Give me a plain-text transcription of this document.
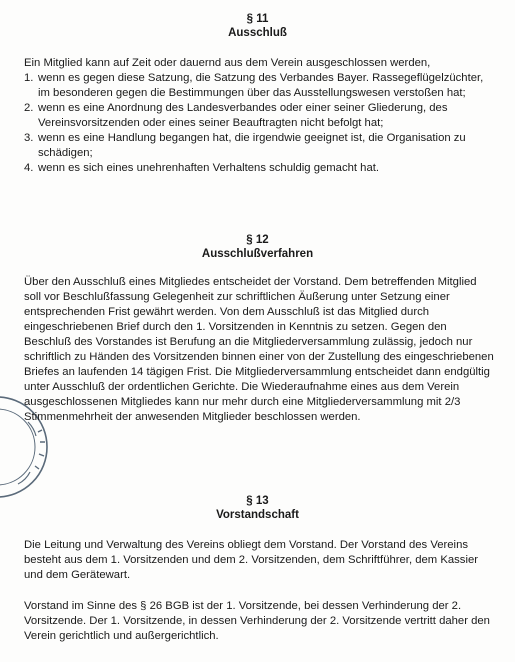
§ 11
Ausschluß

Ein Mitglied kann auf Zeit oder dauernd aus dem Verein ausgeschlossen werden,

1. wenn es gegen diese Satzung, die Satzung des Verbandes Bayer. Rassegeflügelzüchter, im besonderen gegen die Bestimmungen über das Ausstellungswesen verstoßen hat;
2. wenn es eine Anordnung des Landesverbandes oder einer seiner Gliederung, des Vereinsvorsitzenden oder eines seiner Beauftragten nicht befolgt hat;
3. wenn es eine Handlung begangen hat, die irgendwie geeignet ist, die Organisation zu schädigen;
4. wenn es sich eines unehrenhaften Verhaltens schuldig gemacht hat.
§ 12
Ausschlußverfahren

Über den Ausschluß eines Mitgliedes entscheidet der Vorstand. Dem betreffenden Mitglied soll vor Beschlußfassung Gelegenheit zur schriftlichen Äußerung unter Setzung einer entsprechenden Frist gewährt werden. Von dem Ausschluß ist das Mitglied durch eingeschriebenen Brief durch den 1. Vorsitzenden in Kenntnis zu setzen. Gegen den Beschluß des Vorstandes ist Berufung an die Mitgliederversammlung zulässig, jedoch nur schriftlich zu Händen des Vorsitzenden binnen einer von der Zustellung des eingeschriebenen Briefes an laufenden 14 tägigen Frist. Die Mitgliederversammlung entscheidet dann endgültig unter Ausschluß der ordentlichen Gerichte. Die Wiederaufnahme eines aus dem Verein ausgeschlossenen Mitgliedes kann nur mehr durch eine Mitgliederversammlung mit 2/3 Stimmenmehrheit der anwesenden Mitglieder beschlossen werden.

§ 13
Vorstandschaft

Die Leitung und Verwaltung des Vereins obliegt dem Vorstand. Der Vorstand des Vereins besteht aus dem 1. Vorsitzenden und dem 2. Vorsitzenden, dem Schriftführer, dem Kassier und dem Gerätewart.

Vorstand im Sinne des § 26 BGB ist der 1. Vorsitzende, bei dessen Verhinderung der 2. Vorsitzende. Der 1. Vorsitzende, in dessen Verhinderung der 2. Vorsitzende vertritt daher den Verein gerichtlich und außergerichtlich.
